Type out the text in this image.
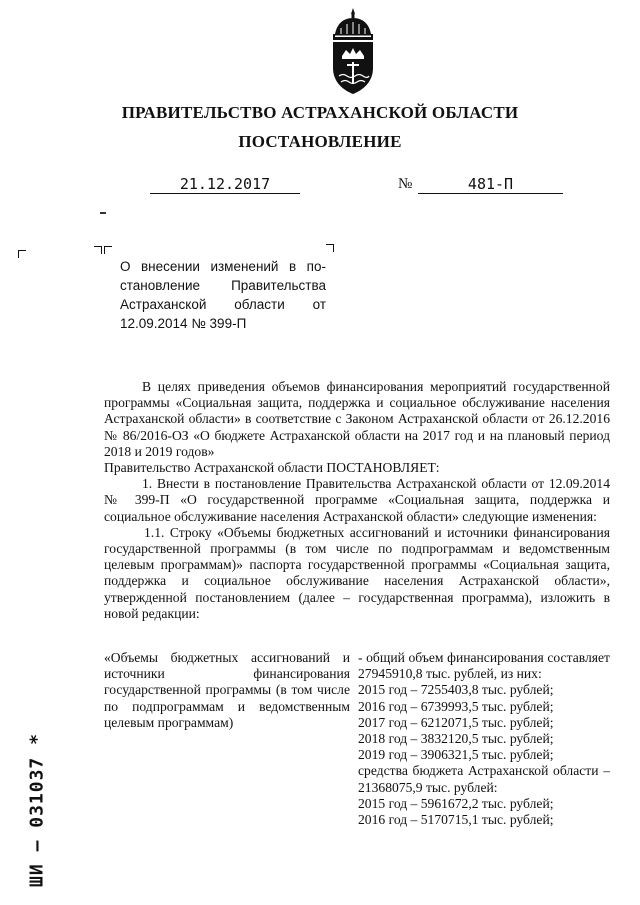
ПРАВИТЕЛЬСТВО АСТРАХАНСКОЙ ОБЛАСТИ
ПОСТАНОВЛЕНИЕ
21.12.2017	№	481-П

О внесении изменений в по-

становление Правительства

Астраханской области от

12.09.2014 № 399-П

В целях приведения объемов финансирования мероприятий государственной программы «Социальная защита, поддержка и социальное обслуживание населения Астраханской области» в соответствие с Законом Астраханской области от 26.12.2016 № 86/2016-ОЗ «О бюджете Астраханской области на 2017 год и на плановый период 2018 и 2019 годов»

Правительство Астраханской области ПОСТАНОВЛЯЕТ:

1. Внести в постановление Правительства Астраханской области от 12.09.2014 № 399-П «О государственной программе «Социальная защита, поддержка и социальное обслуживание населения Астраханской области» следующие изменения:

1.1. Строку «Объемы бюджетных ассигнований и источники финансирования государственной программы (в том числе по подпрограммам и ведомственным целевым программам)» паспорта государственной программы «Социальная защита, поддержка и социальное обслуживание населения Астраханской области», утвержденной постановлением (далее – государственная программа), изложить в новой редакции:

«Объемы бюджетных ассигнований и источники финансирования государственной программы (в том числе по подпрограммам и ведомственным целевым программам)

- общий объем финансирования составляет 27945910,8 тыс. рублей, из них:

2015 год – 7255403,8 тыс. рублей;

2016 год – 6739993,5 тыс. рублей;

2017 год – 6212071,5 тыс. рублей;

2018 год – 3832120,5 тыс. рублей;

2019 год – 3906321,5 тыс. рублей;

средства бюджета Астраханской области – 21368075,9 тыс. рублей:

2015 год – 5961672,2 тыс. рублей;

2016 год – 5170715,1 тыс. рублей;

ШИ – 031037 *
